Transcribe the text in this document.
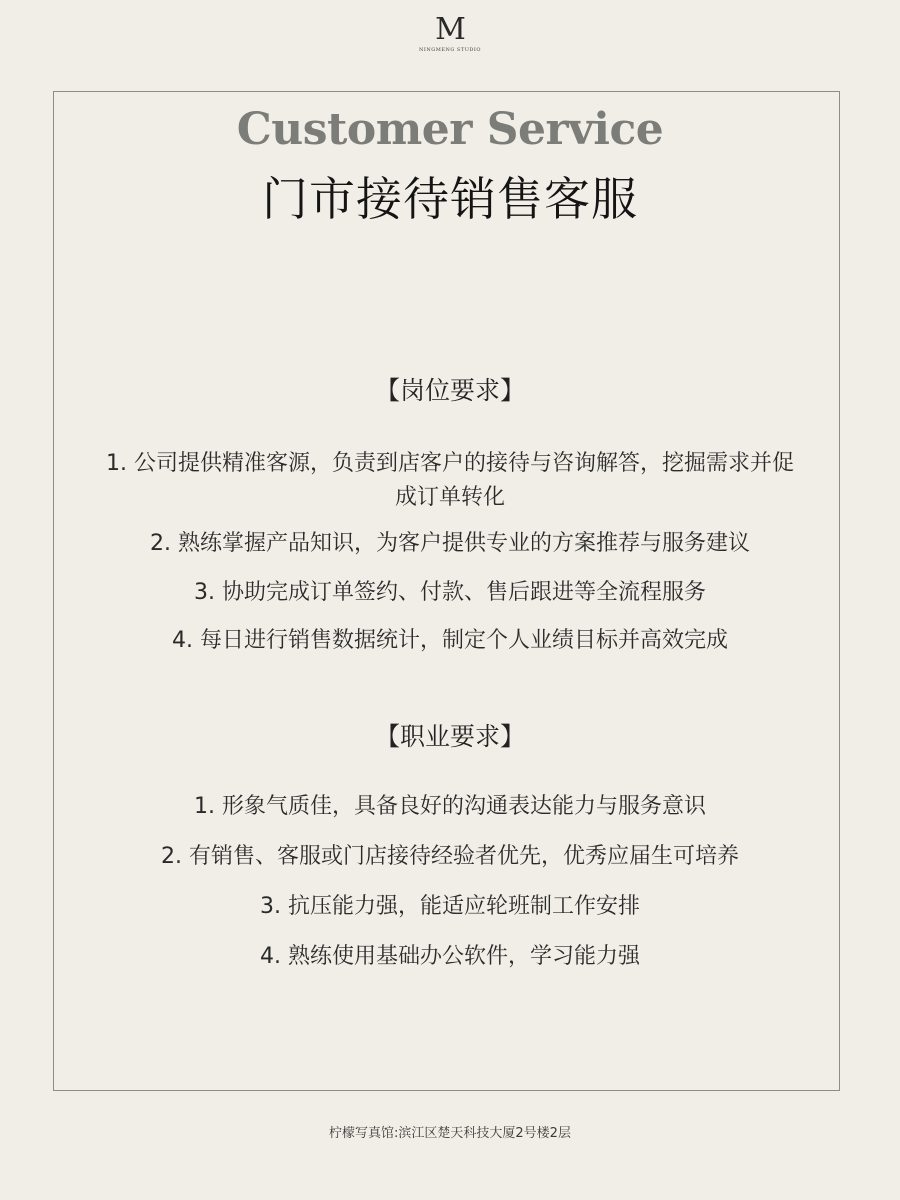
M
NINGMENG STUDIO
Customer Service
门市接待销售客服
【岗位要求】
1. 公司提供精准客源，负责到店客户的接待与咨询解答，挖掘需求并促成订单转化
2. 熟练掌握产品知识，为客户提供专业的方案推荐与服务建议
3. 协助完成订单签约、付款、售后跟进等全流程服务
4. 每日进行销售数据统计，制定个人业绩目标并高效完成
【职业要求】
1. 形象气质佳，具备良好的沟通表达能力与服务意识
2. 有销售、客服或门店接待经验者优先，优秀应届生可培养
3. 抗压能力强，能适应轮班制工作安排
4. 熟练使用基础办公软件，学习能力强
柠檬写真馆:滨江区楚天科技大厦2号楼2层
